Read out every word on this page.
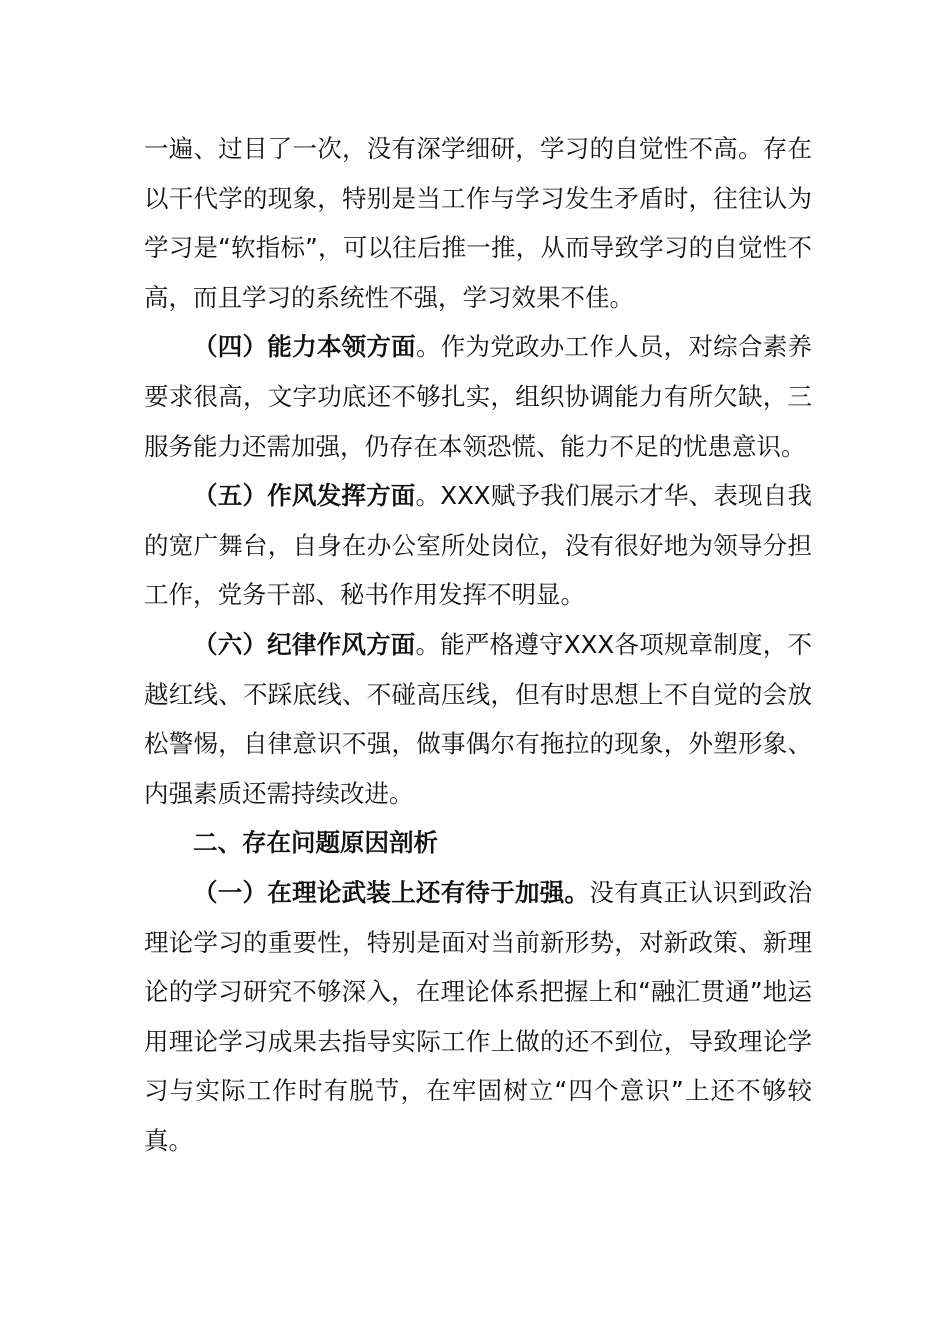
一遍、过目了一次，没有深学细研，学习的自觉性不高。存在以干代学的现象，特别是当工作与学习发生矛盾时，往往认为学习是“软指标”，可以往后推一推，从而导致学习的自觉性不高，而且学习的系统性不强，学习效果不佳。

（四）能力本领方面。作为党政办工作人员，对综合素养要求很高，文字功底还不够扎实，组织协调能力有所欠缺，三服务能力还需加强，仍存在本领恐慌、能力不足的忧患意识。

（五）作风发挥方面。XXX赋予我们展示才华、表现自我的宽广舞台，自身在办公室所处岗位，没有很好地为领导分担工作，党务干部、秘书作用发挥不明显。

（六）纪律作风方面。能严格遵守XXX各项规章制度，不越红线、不踩底线、不碰高压线，但有时思想上不自觉的会放松警惕，自律意识不强，做事偶尔有拖拉的现象，外塑形象、内强素质还需持续改进。

二、存在问题原因剖析

（一）在理论武装上还有待于加强。没有真正认识到政治理论学习的重要性，特别是面对当前新形势，对新政策、新理论的学习研究不够深入，在理论体系把握上和“融汇贯通”地运用理论学习成果去指导实际工作上做的还不到位，导致理论学习与实际工作时有脱节，在牢固树立“四个意识”上还不够较真。
